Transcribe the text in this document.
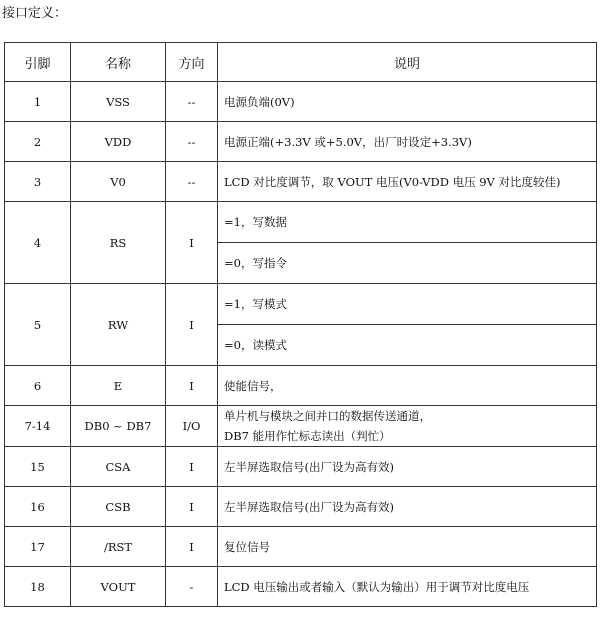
接口定义：
引脚	名称	方向	说明
1	VSS	--	电源负端(0V)
2	VDD	--	电源正端(+3.3V 或+5.0V，出厂时设定+3.3V)
3	V0	--	LCD 对比度调节，取 VOUT 电压(V0-VDD 电压 9V 对比度较佳)
4	RS	I	=1，写数据
			=0，写指令
5	RW	I	=1，写模式
			=0，读模式
6	E	I	使能信号，
7-14	DB0 ~ DB7	I/O	单片机与模块之间并口的数据传送通道，
DB7 能用作忙标志读出（判忙）

15	CSA	I	左半屏选取信号(出厂设为高有效)
16	CSB	I	左半屏选取信号(出厂设为高有效)
17	/RST	I	复位信号
18	VOUT	-	LCD 电压输出或者输入（默认为输出）用于调节对比度电压
